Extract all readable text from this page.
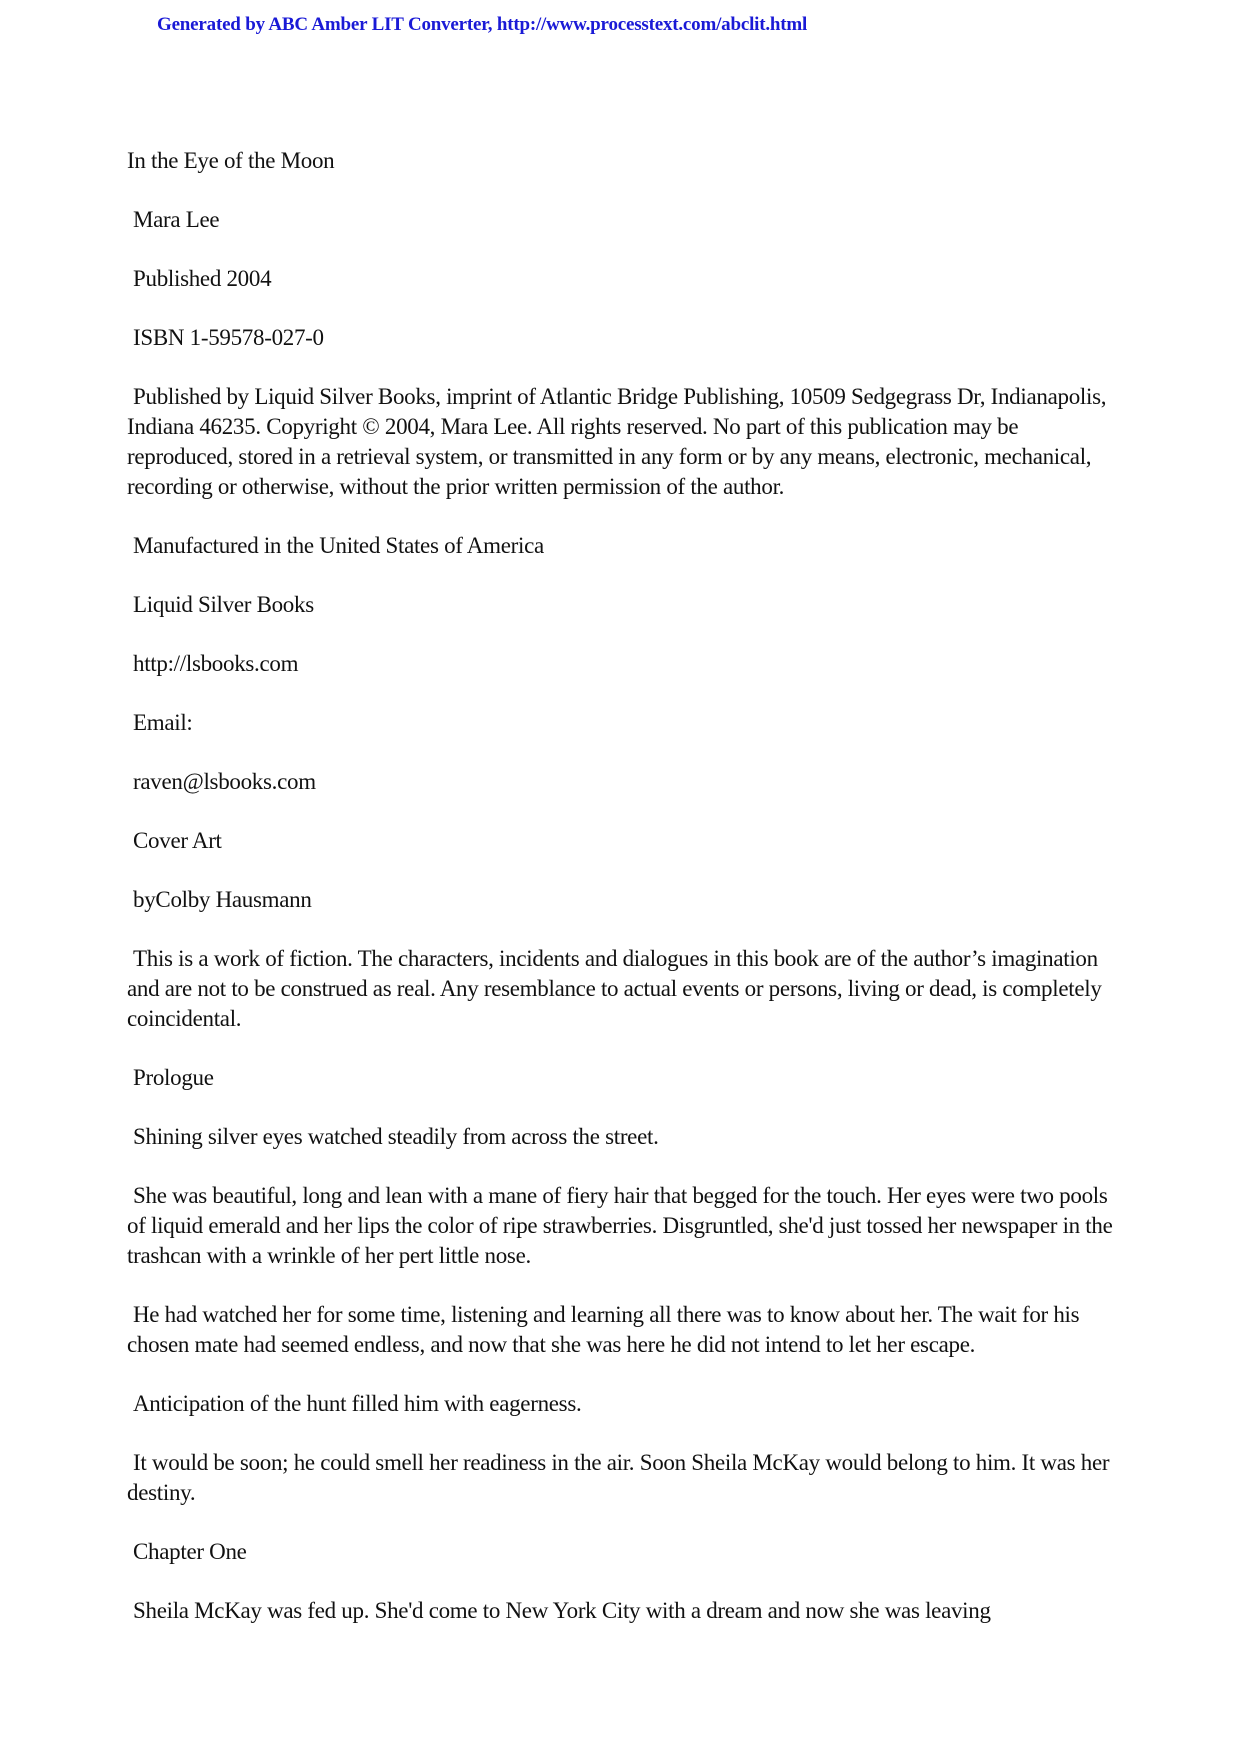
Generated by ABC Amber LIT Converter, http://www.processtext.com/abclit.html

In the Eye of the Moon

Mara Lee

Published 2004

ISBN 1-59578-027-0

Published by Liquid Silver Books, imprint of Atlantic Bridge Publishing, 10509 Sedgegrass Dr, Indianapolis, Indiana 46235. Copyright © 2004, Mara Lee. All rights reserved. No part of this publication may be reproduced, stored in a retrieval system, or transmitted in any form or by any means, electronic, mechanical, recording or otherwise, without the prior written permission of the author.

Manufactured in the United States of America

Liquid Silver Books

http://lsbooks.com

Email:

raven@lsbooks.com

Cover Art

byColby Hausmann

This is a work of fiction. The characters, incidents and dialogues in this book are of the author’s imagination and are not to be construed as real. Any resemblance to actual events or persons, living or dead, is completely coincidental.

Prologue

Shining silver eyes watched steadily from across the street.

She was beautiful, long and lean with a mane of fiery hair that begged for the touch. Her eyes were two pools of liquid emerald and her lips the color of ripe strawberries. Disgruntled, she'd just tossed her newspaper in the trashcan with a wrinkle of her pert little nose.

He had watched her for some time, listening and learning all there was to know about her. The wait for his chosen mate had seemed endless, and now that she was here he did not intend to let her escape.

Anticipation of the hunt filled him with eagerness.

It would be soon; he could smell her readiness in the air. Soon Sheila McKay would belong to him. It was her destiny.

Chapter One

Sheila McKay was fed up. She'd come to New York City with a dream and now she was leaving
